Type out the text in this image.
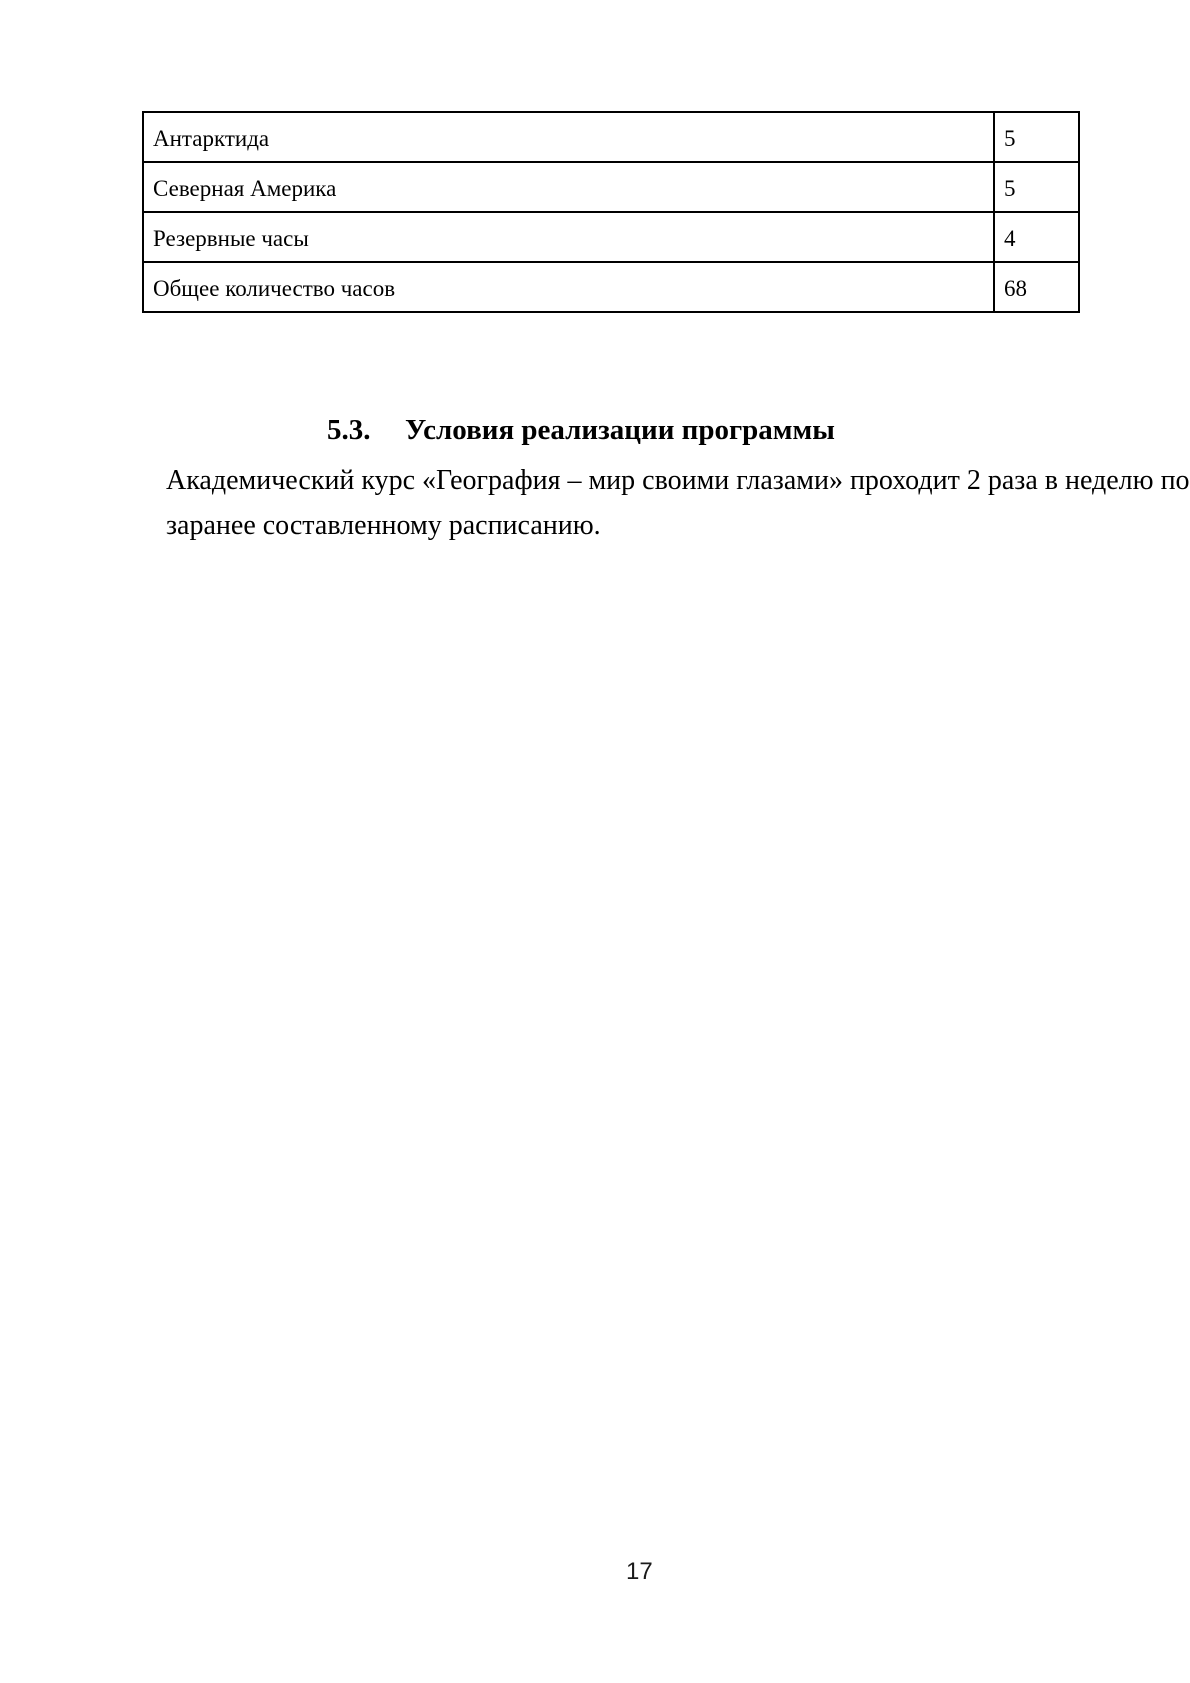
Антарктида	5
Северная Америка	5
Резервные часы	4
Общее количество часов	68
5.3. Условия реализации программы
Академический курс «География – мир своими глазами» проходит 2 раза в неделю по
заранее составленному расписанию.
17
